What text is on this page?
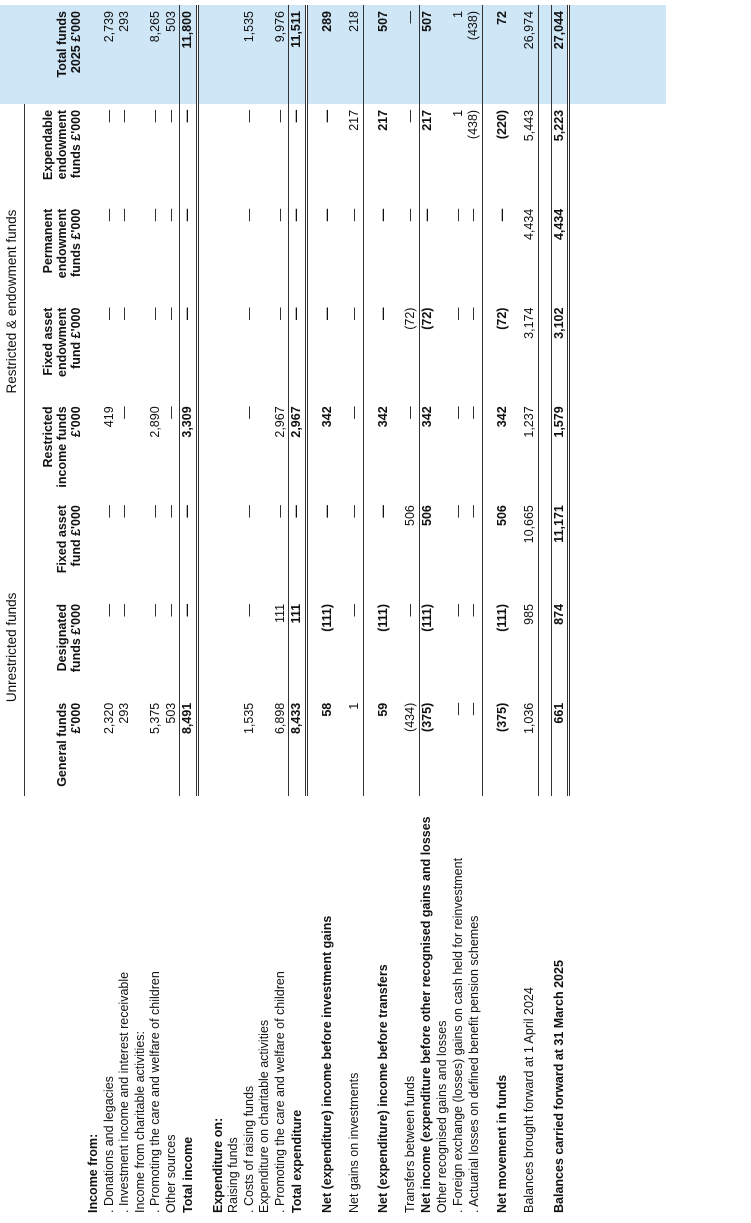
	Unrestricted funds			Restricted & endowment funds				
	General funds £'000	Designated funds £'000	Fixed asset fund £'000	Restricted income funds £'000	Fixed asset endowment fund £'000	Permanent endowment funds £'000	Expendable endowment funds £'000	Total funds 2025 £'000
Income from:								
. Donations and legacies	2,320	—	—	419	—	—	—	2,739
. Investment income and interest receivable	293	—	—	—	—	—	—	293
Income from charitable activities:								
. Promoting the care and welfare of children	5,375	—	—	2,890	—	—	—	8,265
Other sources	503	—	—	—	—	—	—	503
Total income	8,491	—	—	3,309	—	—	—	11,800

Expenditure on:								
Raising funds								
. Costs of raising funds	1,535	—	—	—	—	—	—	1,535
Expenditure on charitable activities								
. Promoting the care and welfare of children	6,898	111	—	2,967	—	—	—	9,976
Total expenditure	8,433	111	—	2,967	—	—	—	11,511

Net (expenditure) income before investment gains	58	(111)	—	342	—	—	—	289

Net gains on investments	1	—	—	—	—	—	217	218

Net (expenditure) income before transfers	59	(111)	—	342	—	—	217	507

Transfers between funds	(434)	—	506	—	(72)	—	—	—
Net income (expenditure before other recognised gains and losses	(375)	(111)	506	342	(72)	—	217	507
Other recognised gains and losses								
. Foreign exchange (losses) gains on cash held for reinvestment	—	—	—	—	—	—	1	1
. Actuarial losses on defined benefit pension schemes	—	—	—	—	—	—	(438)	(438)

Net movement in funds	(375)	(111)	506	342	(72)	—	(220)	72

Balances brought forward at 1 April 2024	1,036	985	10,665	1,237	3,174	4,434	5,443	26,974

Balances carried forward at 31 March 2025	661	874	11,171	1,579	3,102	4,434	5,223	27,044
